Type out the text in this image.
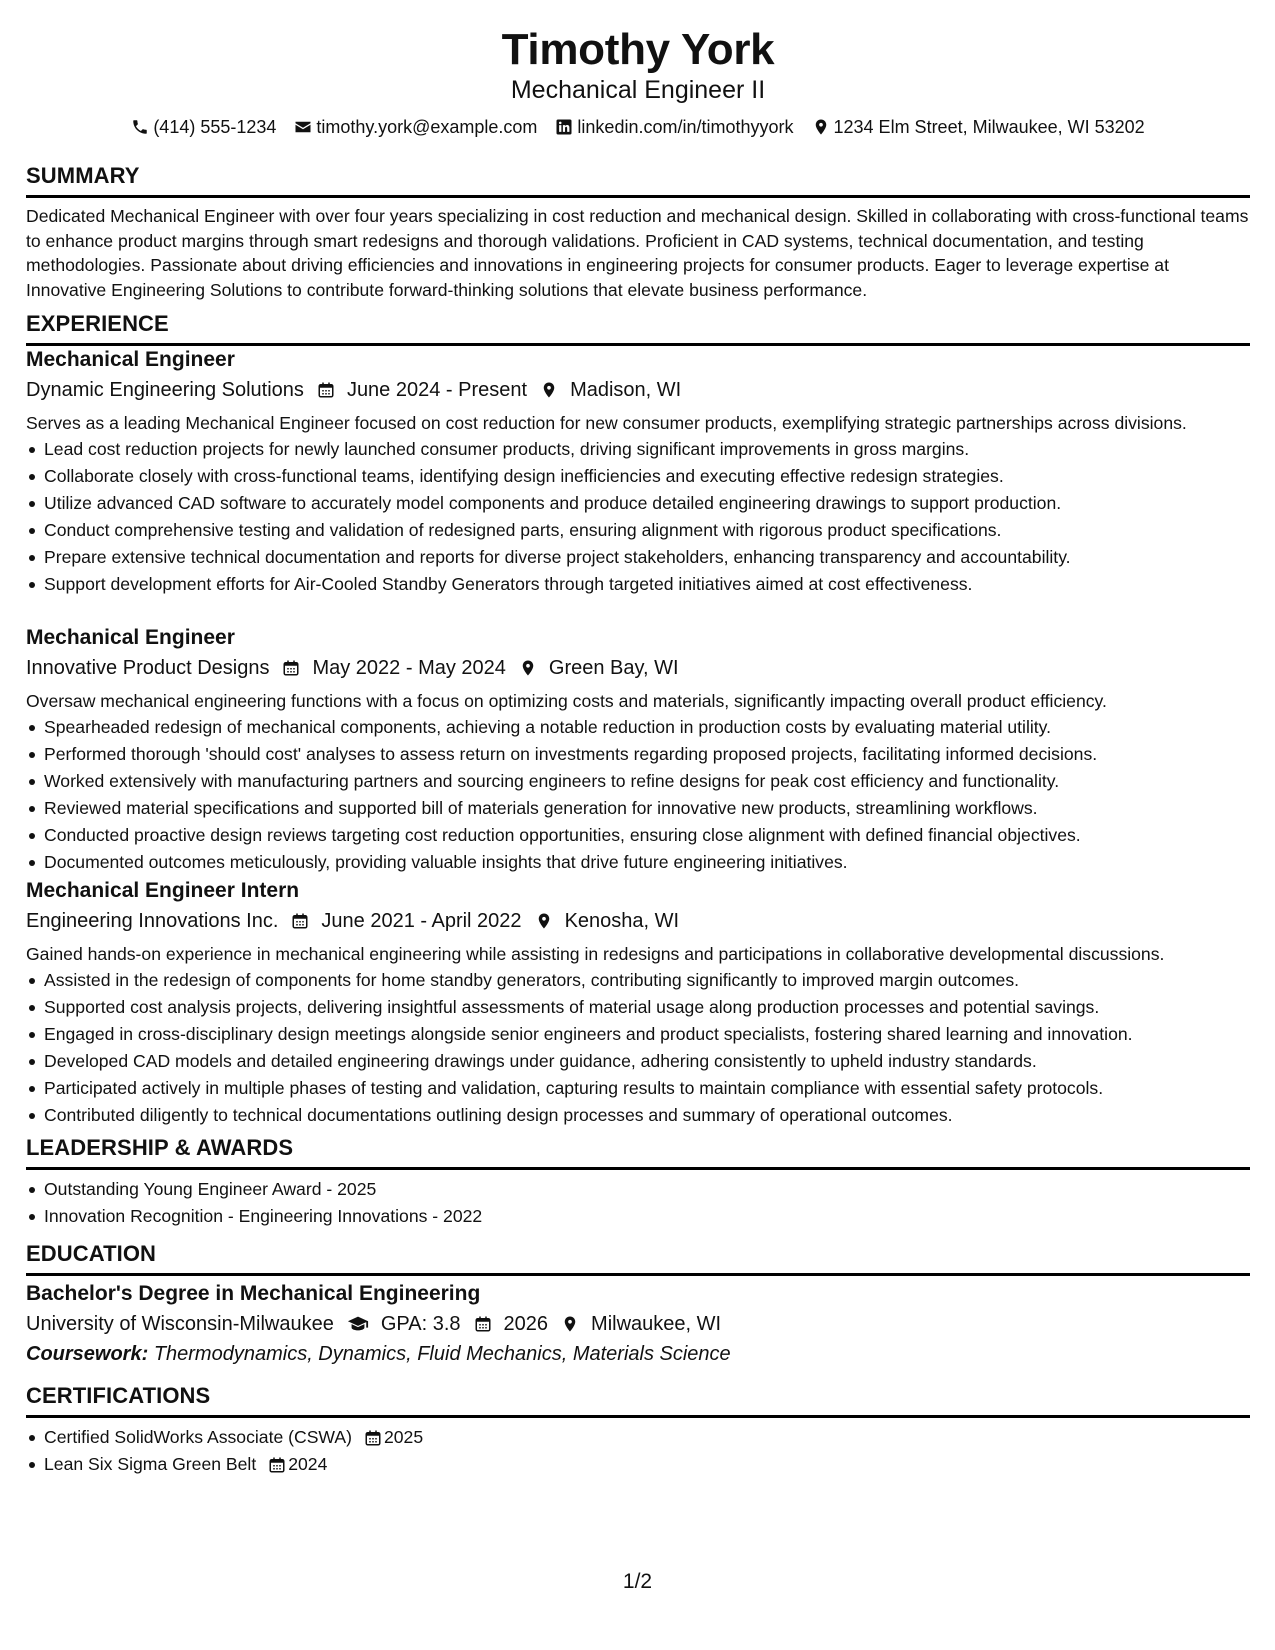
Timothy York
Mechanical Engineer II
(414) 555-1234 timothy.york@example.com linkedin.com/in/timothyyork 1234 Elm Street, Milwaukee, WI 53202
SUMMARY

Dedicated Mechanical Engineer with over four years specializing in cost reduction and mechanical design. Skilled in collaborating with cross-functional teams to enhance product margins through smart redesigns and thorough validations. Proficient in CAD systems, technical documentation, and testing methodologies. Passionate about driving efficiencies and innovations in engineering projects for consumer products. Eager to leverage expertise at Innovative Engineering Solutions to contribute forward-thinking solutions that elevate business performance.

EXPERIENCE
Mechanical Engineer
Dynamic Engineering Solutions June 2024 - Present Madison, WI

Serves as a leading Mechanical Engineer focused on cost reduction for new consumer products, exemplifying strategic partnerships across divisions.

Lead cost reduction projects for newly launched consumer products, driving significant improvements in gross margins.
Collaborate closely with cross-functional teams, identifying design inefficiencies and executing effective redesign strategies.
Utilize advanced CAD software to accurately model components and produce detailed engineering drawings to support production.
Conduct comprehensive testing and validation of redesigned parts, ensuring alignment with rigorous product specifications.
Prepare extensive technical documentation and reports for diverse project stakeholders, enhancing transparency and accountability.
Support development efforts for Air-Cooled Standby Generators through targeted initiatives aimed at cost effectiveness.
Mechanical Engineer
Innovative Product Designs May 2022 - May 2024 Green Bay, WI

Oversaw mechanical engineering functions with a focus on optimizing costs and materials, significantly impacting overall product efficiency.

Spearheaded redesign of mechanical components, achieving a notable reduction in production costs by evaluating material utility.
Performed thorough 'should cost' analyses to assess return on investments regarding proposed projects, facilitating informed decisions.
Worked extensively with manufacturing partners and sourcing engineers to refine designs for peak cost efficiency and functionality.
Reviewed material specifications and supported bill of materials generation for innovative new products, streamlining workflows.
Conducted proactive design reviews targeting cost reduction opportunities, ensuring close alignment with defined financial objectives.
Documented outcomes meticulously, providing valuable insights that drive future engineering initiatives.
Mechanical Engineer Intern
Engineering Innovations Inc. June 2021 - April 2022 Kenosha, WI

Gained hands-on experience in mechanical engineering while assisting in redesigns and participations in collaborative developmental discussions.

Assisted in the redesign of components for home standby generators, contributing significantly to improved margin outcomes.
Supported cost analysis projects, delivering insightful assessments of material usage along production processes and potential savings.
Engaged in cross-disciplinary design meetings alongside senior engineers and product specialists, fostering shared learning and innovation.
Developed CAD models and detailed engineering drawings under guidance, adhering consistently to upheld industry standards.
Participated actively in multiple phases of testing and validation, capturing results to maintain compliance with essential safety protocols.
Contributed diligently to technical documentations outlining design processes and summary of operational outcomes.
LEADERSHIP & AWARDS
Outstanding Young Engineer Award - 2025
Innovation Recognition - Engineering Innovations - 2022
EDUCATION
Bachelor's Degree in Mechanical Engineering
University of Wisconsin-Milwaukee GPA: 3.8 2026 Milwaukee, WI
Coursework: Thermodynamics, Dynamics, Fluid Mechanics, Materials Science
CERTIFICATIONS
Certified SolidWorks Associate (CSWA) 2025
Lean Six Sigma Green Belt 2024
1/2
